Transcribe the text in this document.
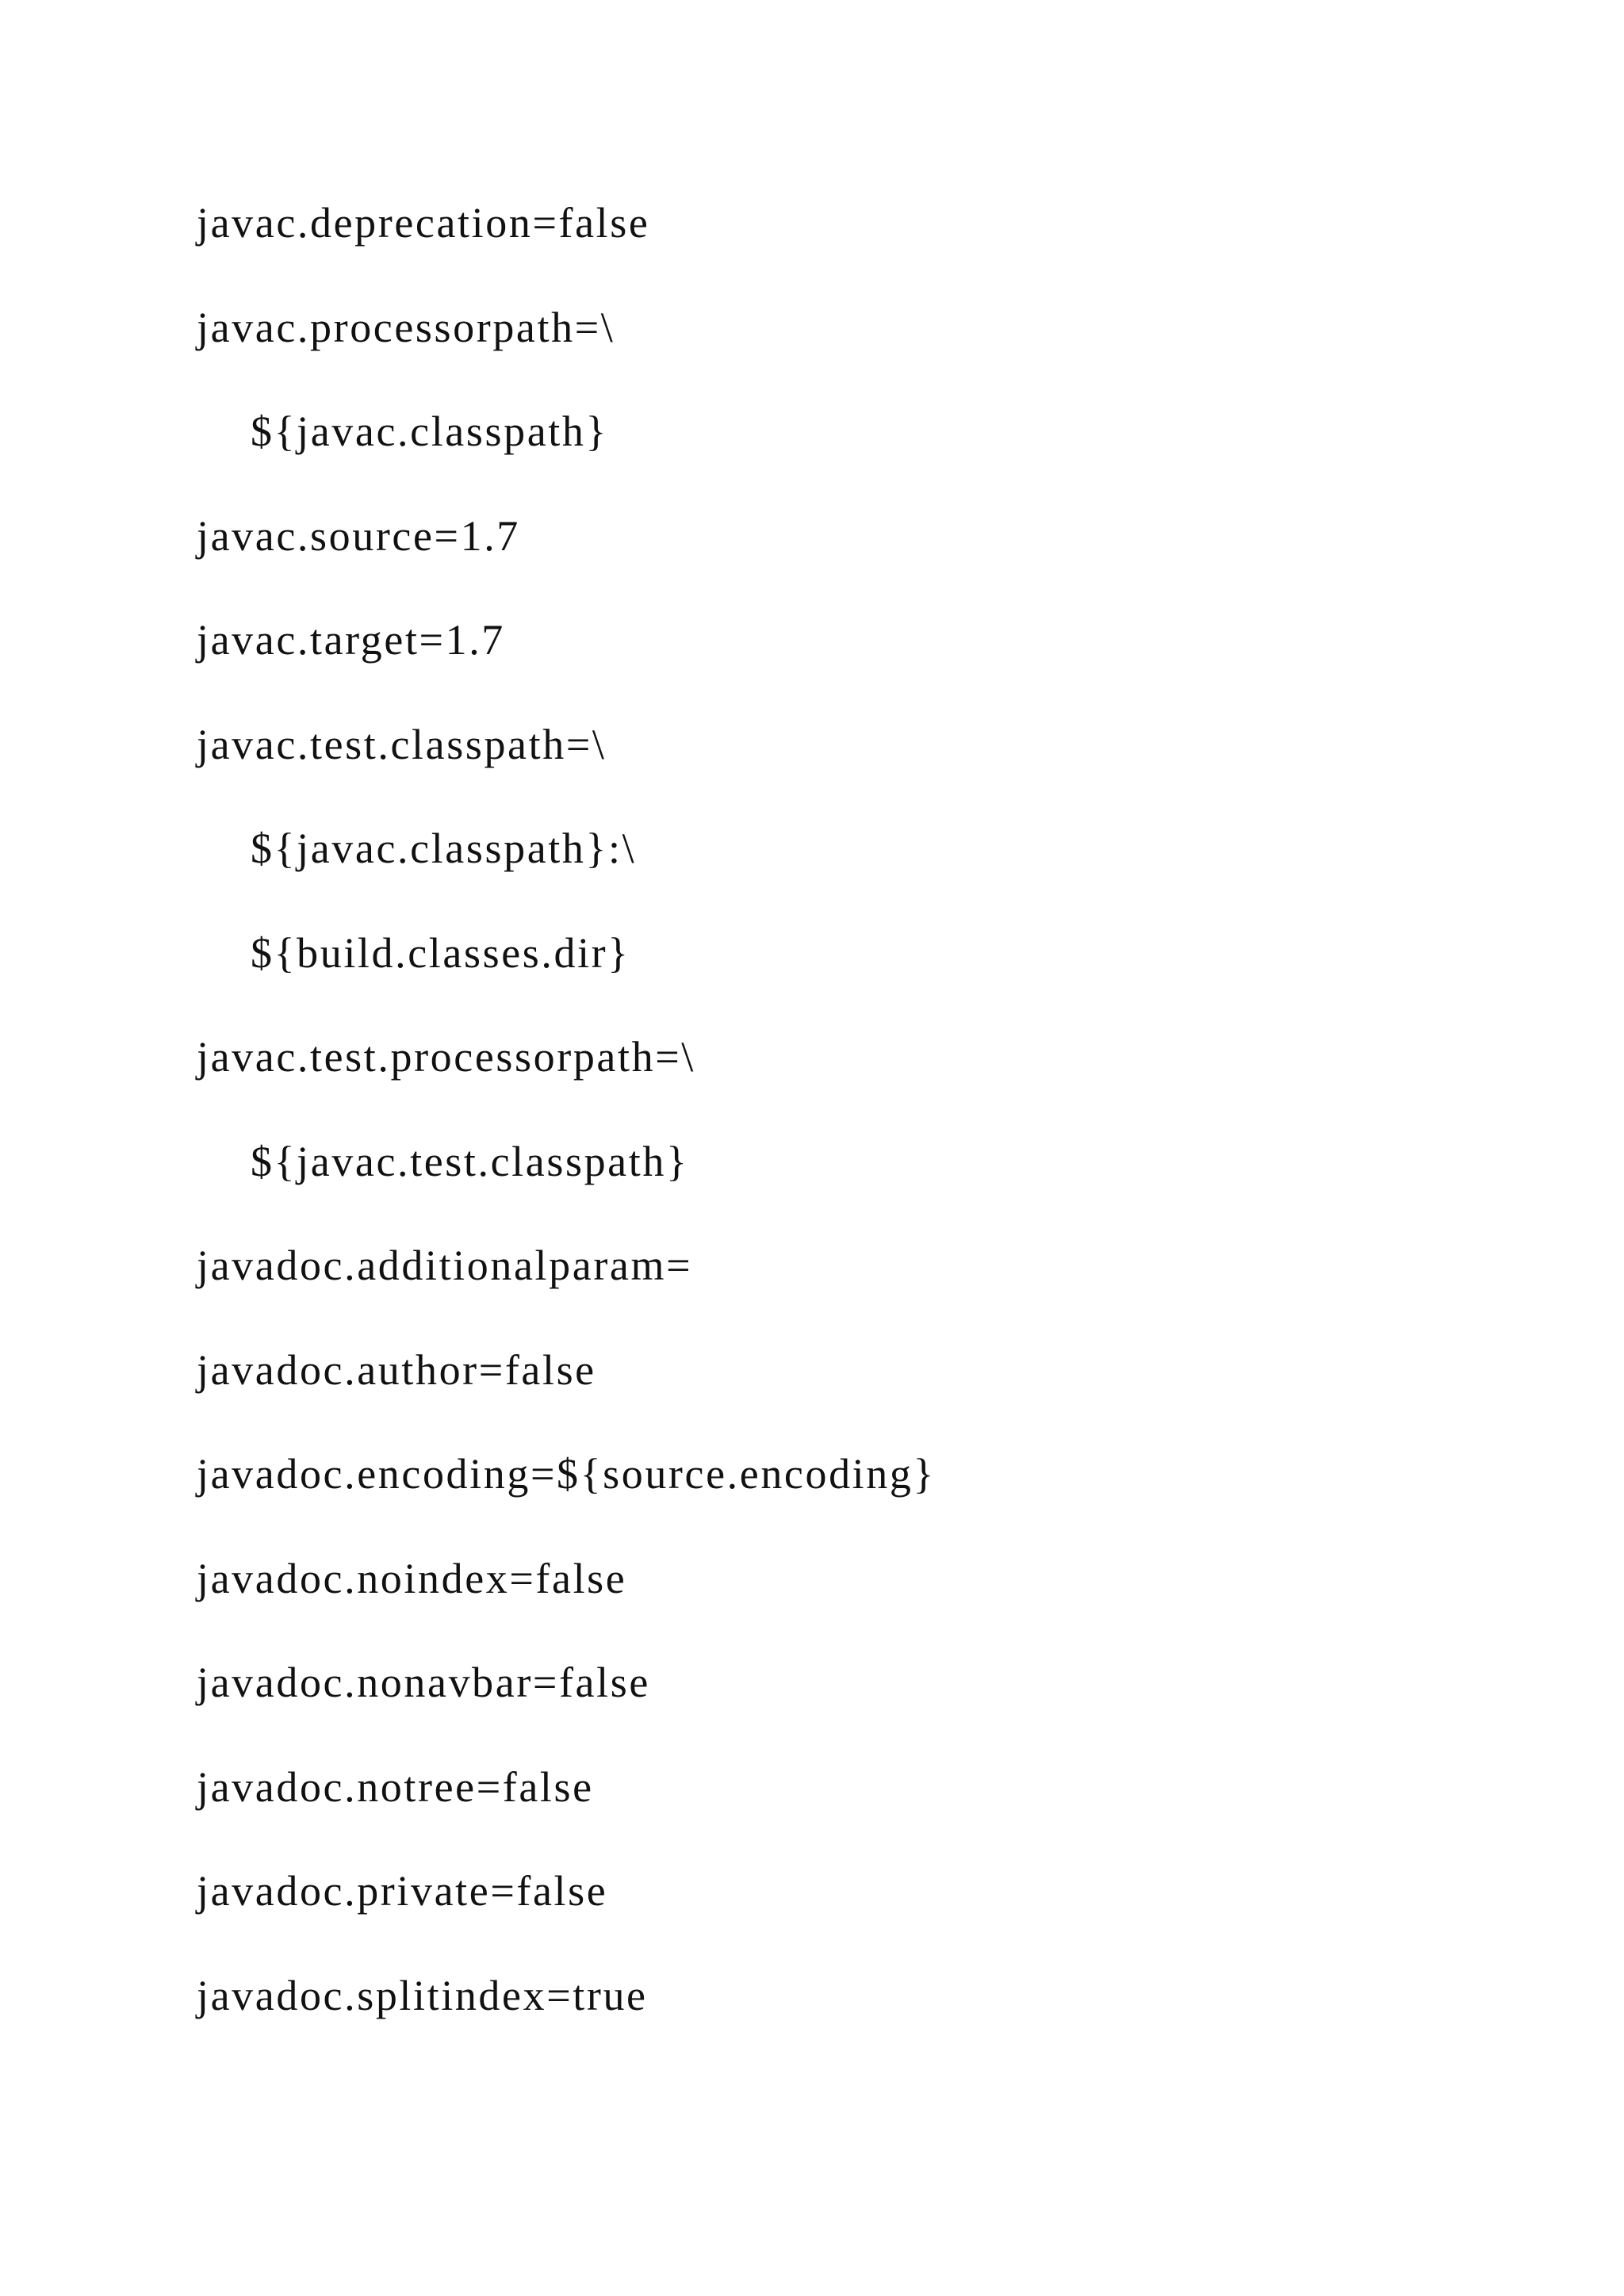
javac.deprecation=false
javac.processorpath=\
${javac.classpath}
javac.source=1.7
javac.target=1.7
javac.test.classpath=\
${javac.classpath}:\
${build.classes.dir}
javac.test.processorpath=\
${javac.test.classpath}
javadoc.additionalparam=
javadoc.author=false
javadoc.encoding=${source.encoding}
javadoc.noindex=false
javadoc.nonavbar=false
javadoc.notree=false
javadoc.private=false
javadoc.splitindex=true
